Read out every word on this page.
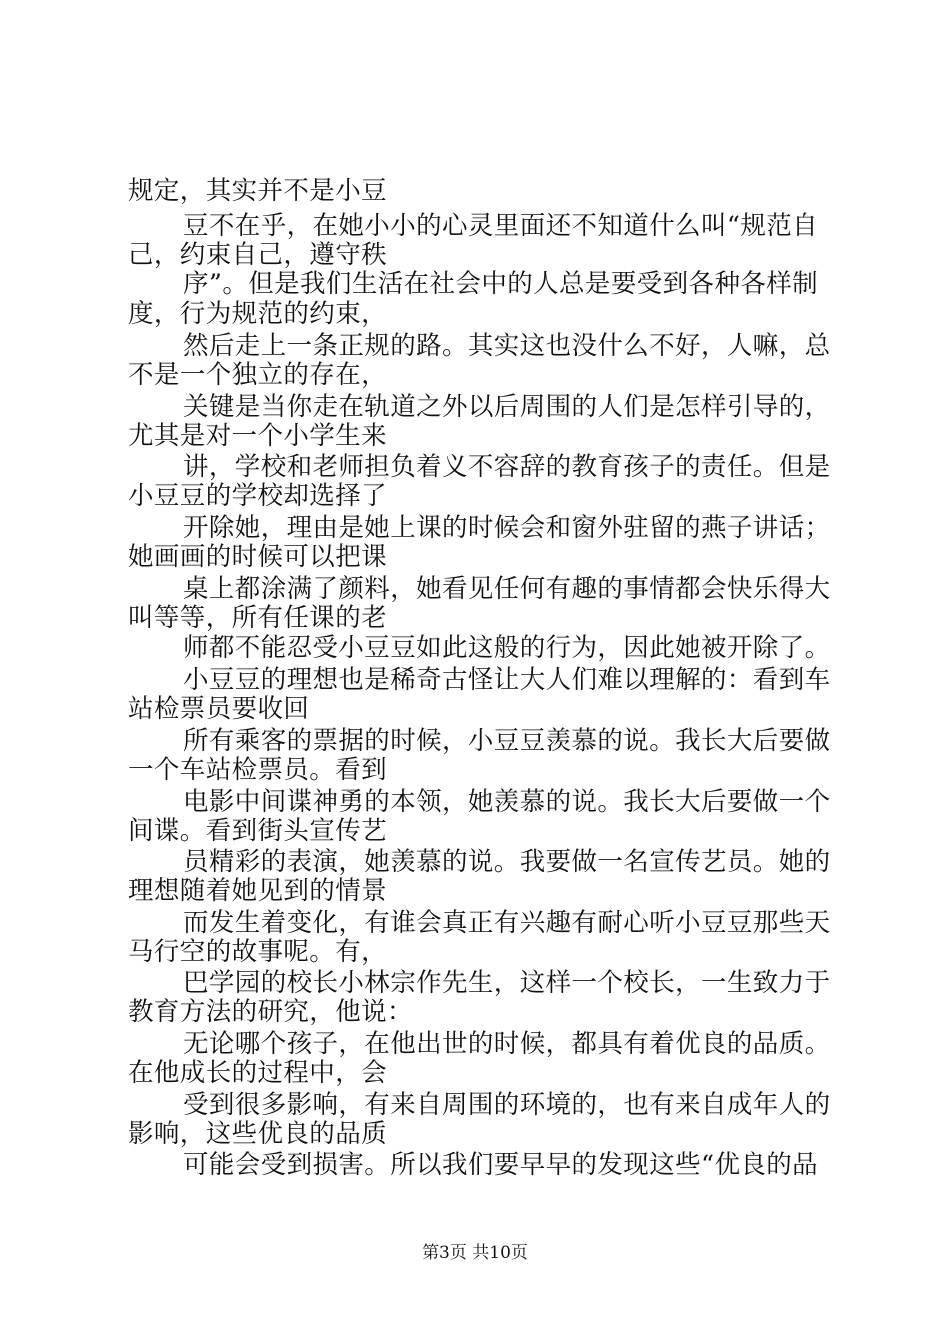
规定，其实并不是小豆
豆不在乎，在她小小的心灵里面还不知道什么叫“规范自
己，约束自己，遵守秩
序”。但是我们生活在社会中的人总是要受到各种各样制
度，行为规范的约束，
然后走上一条正规的路。其实这也没什么不好，人嘛，总
不是一个独立的存在，
关键是当你走在轨道之外以后周围的人们是怎样引导的，
尤其是对一个小学生来
讲，学校和老师担负着义不容辞的教育孩子的责任。但是
小豆豆的学校却选择了
开除她，理由是她上课的时候会和窗外驻留的燕子讲话；
她画画的时候可以把课
桌上都涂满了颜料，她看见任何有趣的事情都会快乐得大
叫等等，所有任课的老
师都不能忍受小豆豆如此这般的行为，因此她被开除了。
小豆豆的理想也是稀奇古怪让大人们难以理解的：看到车
站检票员要收回
所有乘客的票据的时候，小豆豆羡慕的说。我长大后要做
一个车站检票员。看到
电影中间谍神勇的本领，她羡慕的说。我长大后要做一个
间谍。看到街头宣传艺
员精彩的表演，她羡慕的说。我要做一名宣传艺员。她的
理想随着她见到的情景
而发生着变化，有谁会真正有兴趣有耐心听小豆豆那些天
马行空的故事呢。有，
巴学园的校长小林宗作先生，这样一个校长，一生致力于
教育方法的研究，他说：
无论哪个孩子，在他出世的时候，都具有着优良的品质。
在他成长的过程中，会
受到很多影响，有来自周围的环境的，也有来自成年人的
影响，这些优良的品质
可能会受到损害。所以我们要早早的发现这些“优良的品
第3页 共10页
